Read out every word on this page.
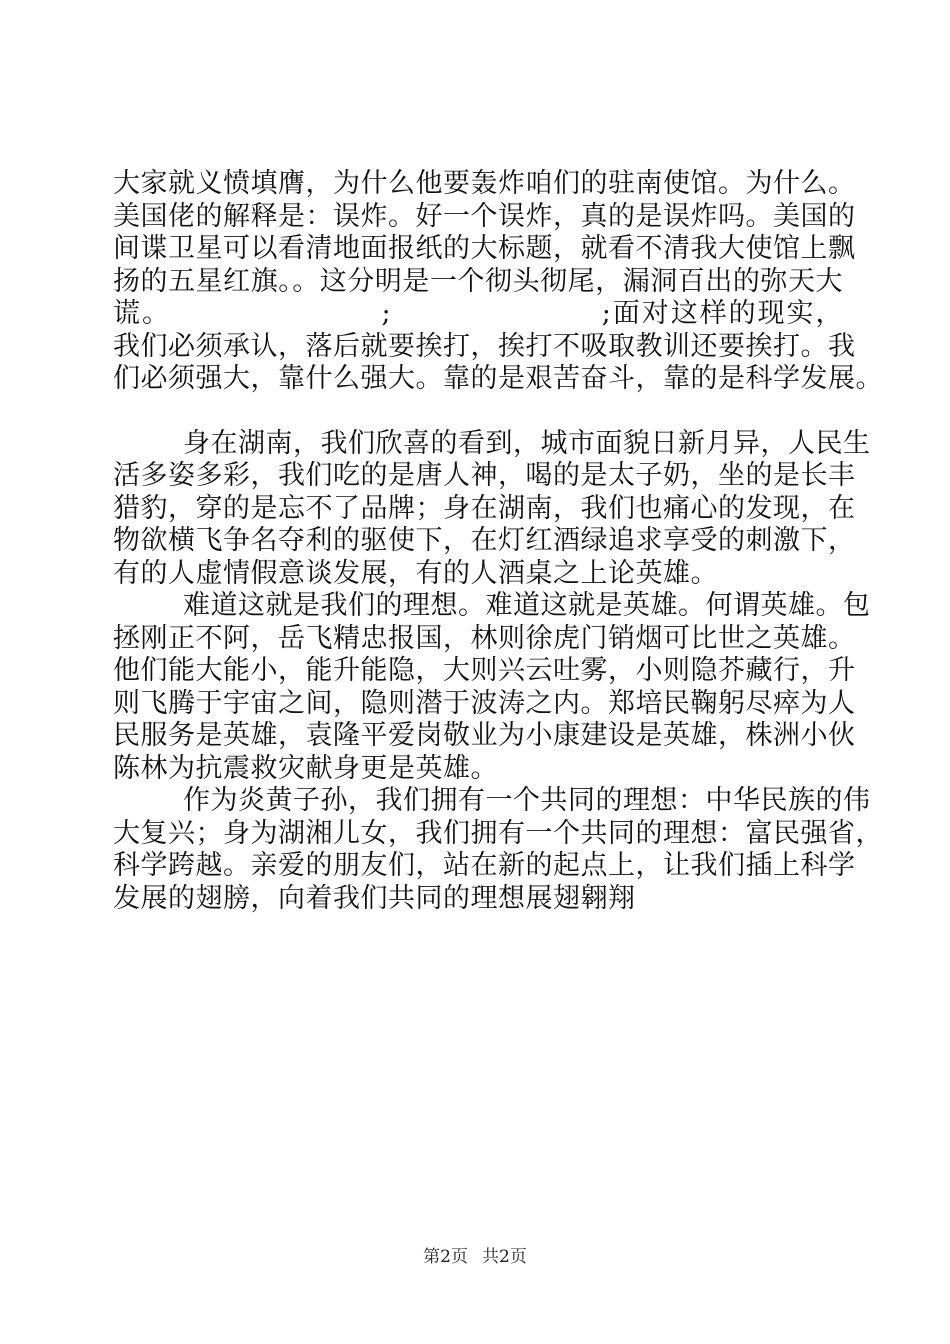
大家就义愤填膺，为什么他要轰炸咱们的驻南使馆。为什么。
美国佬的解释是：误炸。好一个误炸，真的是误炸吗。美国的
间谍卫星可以看清地面报纸的大标题，就看不清我大使馆上飘
扬的五星红旗。。这分明是一个彻头彻尾，漏洞百出的弥天大
谎。                    ;                    ;面对这样的现实，
我们必须承认，落后就要挨打，挨打不吸取教训还要挨打。我
们必须强大，靠什么强大。靠的是艰苦奋斗，靠的是科学发展。
身在湖南，我们欣喜的看到，城市面貌日新月异，人民生
活多姿多彩，我们吃的是唐人神，喝的是太子奶，坐的是长丰
猎豹，穿的是忘不了品牌；身在湖南，我们也痛心的发现，在
物欲横飞争名夺利的驱使下，在灯红酒绿追求享受的刺激下，
有的人虚情假意谈发展，有的人酒桌之上论英雄。
难道这就是我们的理想。难道这就是英雄。何谓英雄。包
拯刚正不阿，岳飞精忠报国，林则徐虎门销烟可比世之英雄。
他们能大能小，能升能隐，大则兴云吐雾，小则隐芥藏行，升
则飞腾于宇宙之间，隐则潜于波涛之内。郑培民鞠躬尽瘁为人
民服务是英雄，袁隆平爱岗敬业为小康建设是英雄，株洲小伙
陈林为抗震救灾献身更是英雄。
作为炎黄子孙，我们拥有一个共同的理想：中华民族的伟
大复兴；身为湖湘儿女，我们拥有一个共同的理想：富民强省，
科学跨越。亲爱的朋友们，站在新的起点上，让我们插上科学
发展的翅膀，向着我们共同的理想展翅翱翔
第2页 共2页
